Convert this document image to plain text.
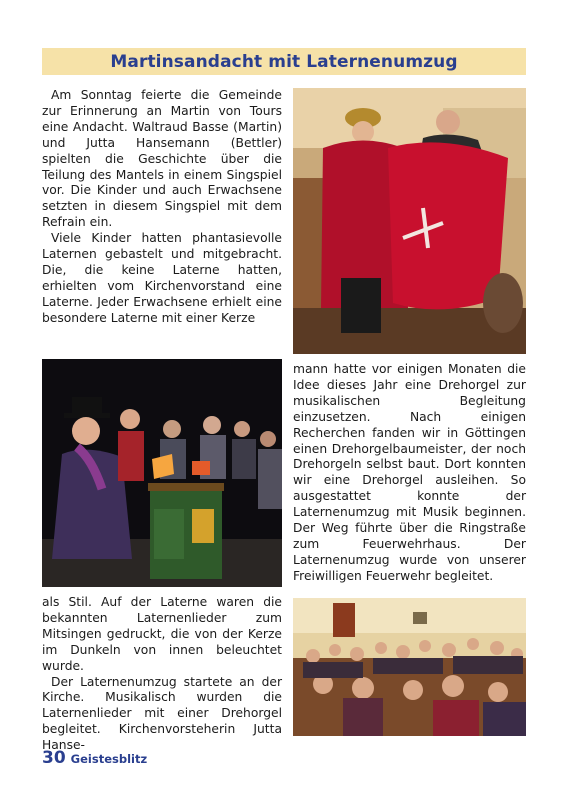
Martinsandacht mit Laternenumzug

Am Sonntag feierte die Gemeinde zur Erinnerung an Martin von Tours eine Andacht. Waltraud Basse (Martin) und Jutta Hansemann (Bettler) spielten die Geschichte über die Teilung des Mantels in einem Singspiel vor. Die Kinder und auch Erwachsene setzten in diesem Singspiel mit dem Refrain ein.

Viele Kinder hatten phantasievolle Laternen gebastelt und mitgebracht. Die, die keine Laterne hatten, erhielten vom Kirchenvorstand eine Laterne. Jeder Erwachsene erhielt eine besondere Laterne mit einer Kerze

als Stil. Auf der Laterne waren die bekannten Laternenlieder zum Mitsingen gedruckt, die von der Kerze im Dunkeln von innen beleuchtet wurde.

Der Laternenumzug startete an der Kirche. Musikalisch wurden die Laternenlieder mit einer Drehorgel begleitet. Kirchenvorsteherin Jutta Hanse-

mann hatte vor einigen Monaten die Idee dieses Jahr eine Drehorgel zur musikalischen Begleitung einzusetzen. Nach einigen Recherchen fanden wir in Göttingen einen Drehorgelbaumeister, der noch Drehorgeln selbst baut. Dort konnten wir eine Drehorgel ausleihen. So ausgestattet konnte der Laternenumzug mit Musik beginnen. Der Weg führte über die Ringstraße zum Feuerwehrhaus. Der Laternenumzug wurde von unserer Freiwilligen Feuerwehr begleitet.

30 Geistesblitz
